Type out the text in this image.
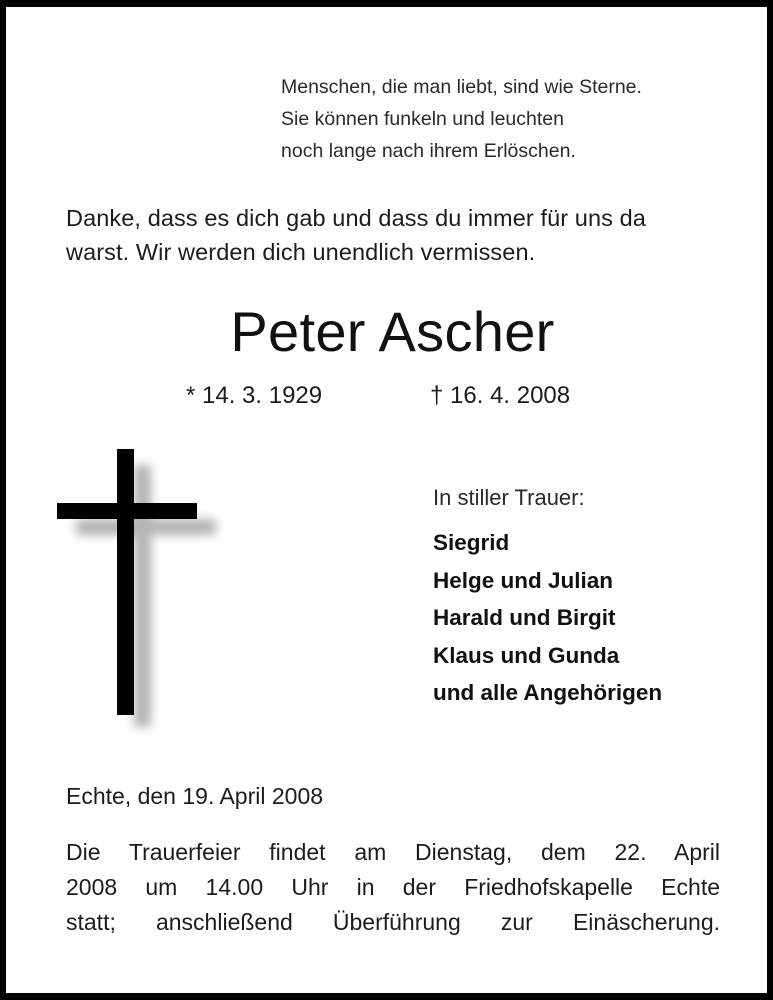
Menschen, die man liebt, sind wie Sterne.
Sie können funkeln und leuchten
noch lange nach ihrem Erlöschen.
Danke, dass es dich gab und dass du immer für uns da
warst. Wir werden dich unendlich vermissen.
Peter Ascher
* 14. 3. 1929	† 16. 4. 2008
In stiller Trauer:
Siegrid
Helge und Julian
Harald und Birgit
Klaus und Gunda
und alle Angehörigen
Echte, den 19. April 2008
Die Trauerfeier findet am Dienstag, dem 22. April
2008 um 14.00 Uhr in der Friedhofskapelle Echte
statt; anschließend Überführung zur Einäscherung.
